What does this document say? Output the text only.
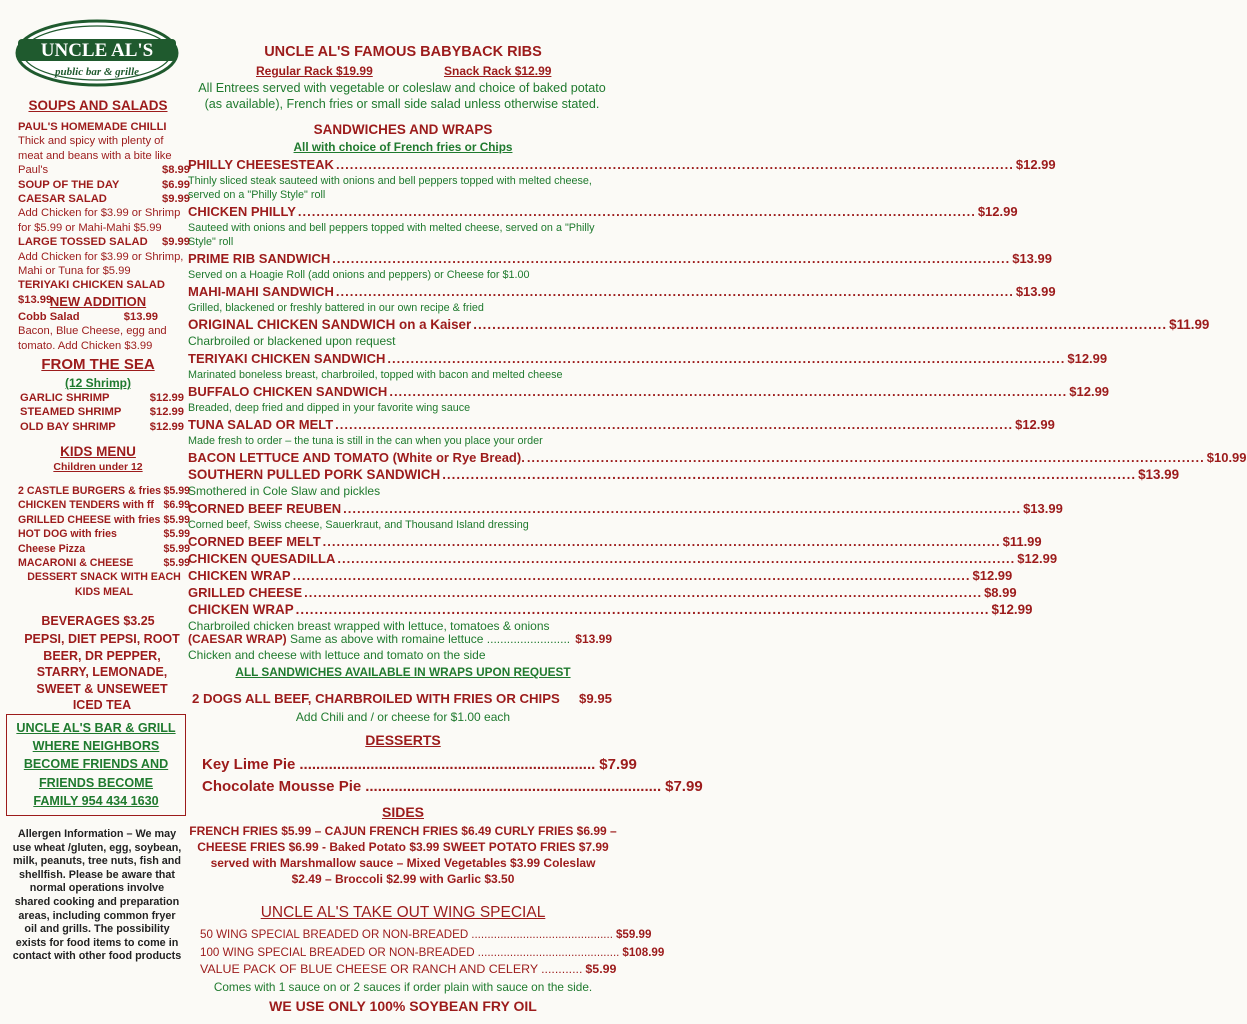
UNCLE AL'S
public bar & grille
SOUPS AND SALADS
PAUL'S HOMEMADE CHILLI
Thick and spicy with plenty of meat and beans with a bite like
Paul's	$8.99
SOUP OF THE DAY	$6.99
CAESAR SALAD	$9.99
Add Chicken for $3.99 or Shrimp for $5.99 or Mahi-Mahi $5.99
LARGE TOSSED SALAD $9.99
Add Chicken for $3.99 or Shrimp, Mahi or Tuna for $5.99
TERIYAKI CHICKEN SALAD $13.99
NEW ADDITION
Cobb Salad	$13.99
Bacon, Blue Cheese, egg and tomato. Add Chicken $3.99
FROM THE SEA
(12 Shrimp)
GARLIC SHRIMP	$12.99
STEAMED SHRIMP	$12.99
OLD BAY SHRIMP	$12.99
KIDS MENU
Children under 12
2 CASTLE BURGERS & fries $5.99
CHICKEN TENDERS with ff $6.99
GRILLED CHEESE with fries $5.99
HOT DOG with fries	$5.99
Cheese Pizza	$5.99
MACARONI & CHEESE	$5.99
DESSERT SNACK WITH EACH KIDS MEAL
BEVERAGES $3.25
PEPSI, DIET PEPSI, ROOT BEER, DR PEPPER, STARRY, LEMONADE, SWEET & UNSEWEET ICED TEA
UNCLE AL'S BAR & GRILL WHERE NEIGHBORS BECOME FRIENDS AND FRIENDS BECOME
FAMILY 954 434 1630
Allergen Information – We may use wheat /gluten, egg, soybean, milk, peanuts, tree nuts, fish and shellfish. Please be aware that normal operations involve shared cooking and preparation areas, including common fryer oil and grills. The possibility exists for food items to come in contact with other food products
UNCLE AL'S FAMOUS BABYBACK RIBS
Regular Rack $19.99	Snack Rack $12.99
All Entrees served with vegetable or coleslaw and choice of baked potato (as available), French fries or small side salad unless otherwise stated.
SANDWICHES AND WRAPS
All with choice of French fries or Chips
PHILLY CHEESESTEAK .....	$12.99
Thinly sliced steak sauteed with onions and bell peppers topped with melted cheese, served on a "Philly Style" roll
CHICKEN PHILLY .....	$12.99
Sauteed with onions and bell peppers topped with melted cheese, served on a "Philly Style" roll
PRIME RIB SANDWICH .....	$13.99
Served on a Hoagie Roll (add onions and peppers) or Cheese for $1.00
MAHI-MAHI SANDWICH .....	$13.99
Grilled, blackened or freshly battered in our own recipe & fried
ORIGINAL CHICKEN SANDWICH on a Kaiser .....	$11.99
Charbroiled or blackened upon request
TERIYAKI CHICKEN SANDWICH .....	$12.99
Marinated boneless breast, charbroiled, topped with bacon and melted cheese
BUFFALO CHICKEN SANDWICH .....	$12.99
Breaded, deep fried and dipped in your favorite wing sauce
TUNA SALAD OR MELT .....	$12.99
Made fresh to order – the tuna is still in the can when you place your order
BACON LETTUCE AND TOMATO (White or Rye Bread). .....	$10.99
SOUTHERN PULLED PORK SANDWICH .....	$13.99
Smothered in Cole Slaw and pickles
CORNED BEEF REUBEN .....	$13.99
Corned beef, Swiss cheese, Sauerkraut, and Thousand Island dressing
CORNED BEEF MELT .....	$11.99
CHICKEN QUESADILLA .....	$12.99
CHICKEN WRAP .....	$12.99
GRILLED CHEESE .....	$8.99
CHICKEN WRAP .....	$12.99
Charbroiled chicken breast wrapped with lettuce, tomatoes & onions
(CAESAR WRAP) Same as above with romaine lettuce ......................... $13.99
Chicken and cheese with lettuce and tomato on the side
ALL SANDWICHES AVAILABLE IN WRAPS UPON REQUEST
2 DOGS ALL BEEF, CHARBROILED WITH FRIES OR CHIPS $9.95
Add Chili and / or cheese for $1.00 each
DESSERTS
Key Lime Pie ....................................................................... $7.99
Chocolate Mousse Pie ....................................................................... $7.99
SIDES
FRENCH FRIES $5.99 – CAJUN FRENCH FRIES $6.49 CURLY FRIES $6.99 –
CHEESE FRIES $6.99 - Baked Potato $3.99 SWEET POTATO FRIES $7.99
served with Marshmallow sauce – Mixed Vegetables $3.99 Coleslaw
$2.49 – Broccoli $2.99 with Garlic $3.50
UNCLE AL'S TAKE OUT WING SPECIAL
50 WING SPECIAL BREADED OR NON-BREADED ............................................ $59.99
100 WING SPECIAL BREADED OR NON-BREADED ............................................ $108.99
VALUE PACK OF BLUE CHEESE OR RANCH AND CELERY ............ $5.99
Comes with 1 sauce on or 2 sauces if order plain with sauce on the side.
WE USE ONLY 100% SOYBEAN FRY OIL
